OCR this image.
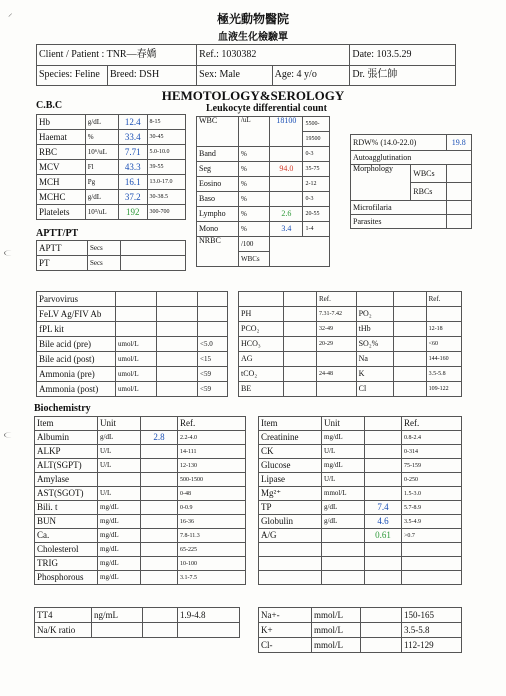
⸝	極光動物醫院
血液生化檢驗單
Client / Patient : TNR—春嬌		Ref.: 1030382		Date: 103.5.29
Species: Feline	Breed: DSH	Sex: Male	Age: 4 y/o	Dr. 張仁帥
HEMOTOLOGY&SEROLOGY
C.B.C
Hb	g/dL	12.4	8-15
Haemat	%	33.4	30-45
RBC	10⁶/uL	7.71	5.0-10.0
MCV	Fl	43.3	39-55
MCH	Pg	16.1	13.0-17.0
MCHC	g/dL	37.2	30-38.5
Platelets	10³/uL	192	300-700
APTT/PT
APTT	Secs	
PT	Secs	
Leukocyte differential count
WBC	/uL	18100	5500-
			19500
Band	%		0-3
Seg	%	94.0	35-75
Eosino	%		2-12
Baso	%		0-3
Lympho	%	2.6	20-55
Mono	%	3.4	1-4
NRBC	/100		
	WBCs		
RDW% (14.0-22.0)		19.8
Autoagglutination		
Morphology	WBCs	
	RBCs	
Microfilaria		
Parasites		
Parvovirus			
FeLV Ag/FIV Ab			
fPL kit			
Bile acid (pre)	umol/L		<5.0
Bile acid (post)	umol/L		<15
Ammonia (pre)	umol/L		<59
Ammonia (post)	umol/L		<59
		Ref.			Ref.
PH		7.31-7.42	PO₂		
PCO₂		32-49	tHb		12-18
HCO₃		20-29	SO₂%		<60
AG			Na		144-160
tCO₂		24-48	K		3.5-5.8
BE			Cl		109-122
Biochemistry
Item	Unit		Ref.
Albumin	g/dL	2.8	2.2-4.0
ALKP	U/L		14-111
ALT(SGPT)	U/L		12-130
Amylase			500-1500
AST(SGOT)	U/L		0-48
Bili. t	mg/dL		0-0.9
BUN	mg/dL		16-36
Ca.	mg/dL		7.8-11.3
Cholesterol	mg/dL		65-225
TRIG	mg/dL		10-100
Phosphorous	mg/dL		3.1-7.5
Item	Unit		Ref.
Creatinine	mg/dL		0.8-2.4
CK	U/L		0-314
Glucose	mg/dL		75-159
Lipase	U/L		0-250
Mg²⁺	mmol/L		1.5-3.0
TP	g/dL	7.4	5.7-8.9
Globulin	g/dL	4.6	3.5-4.9
A/G		0.61	>0.7

TT4	ng/mL		1.9-4.8
Na/K ratio			
Na+-	mmol/L		150-165
K+	mmol/L		3.5-5.8
Cl-	mmol/L		112-129
